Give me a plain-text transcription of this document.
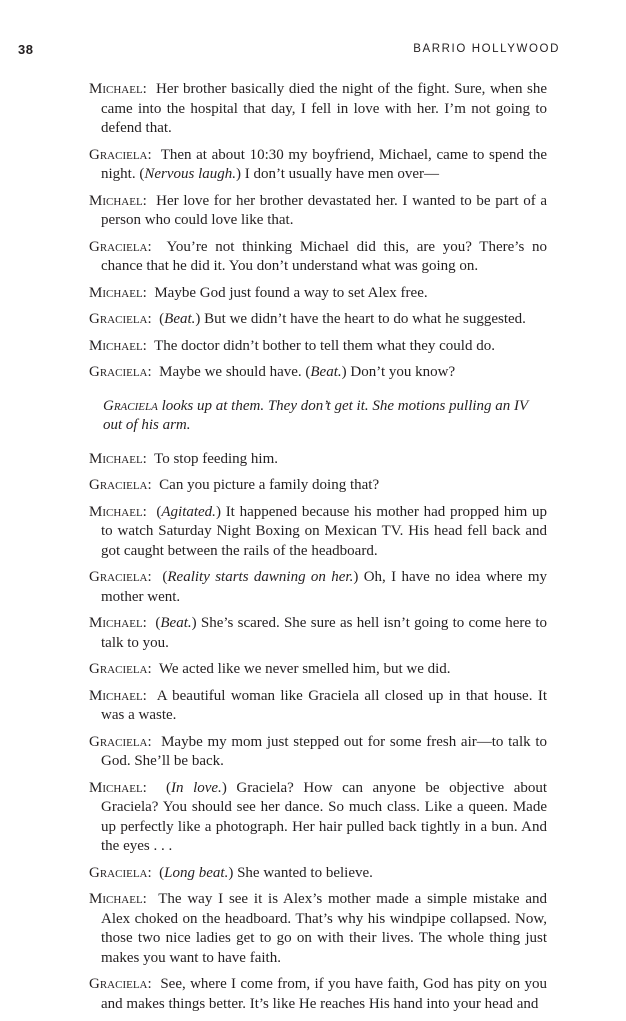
38	BARRIO HOLLYWOOD

Michael: Her brother basically died the night of the fight. Sure, when she came into the hospital that day, I fell in love with her. I’m not going to defend that.

Graciela: Then at about 10:30 my boyfriend, Michael, came to spend the night. (Nervous laugh.) I don’t usually have men over—

Michael: Her love for her brother devastated her. I wanted to be part of a person who could love like that.

Graciela: You’re not thinking Michael did this, are you? There’s no chance that he did it. You don’t understand what was going on.

Michael: Maybe God just found a way to set Alex free.

Graciela: (Beat.) But we didn’t have the heart to do what he suggested.

Michael: The doctor didn’t bother to tell them what they could do.

Graciela: Maybe we should have. (Beat.) Don’t you know?

Graciela looks up at them. They don’t get it. She motions pulling an IV out of his arm.

Michael: To stop feeding him.

Graciela: Can you picture a family doing that?

Michael: (Agitated.) It happened because his mother had propped him up to watch Saturday Night Boxing on Mexican TV. His head fell back and got caught between the rails of the headboard.

Graciela: (Reality starts dawning on her.) Oh, I have no idea where my mother went.

Michael: (Beat.) She’s scared. She sure as hell isn’t going to come here to talk to you.

Graciela: We acted like we never smelled him, but we did.

Michael: A beautiful woman like Graciela all closed up in that house. It was a waste.

Graciela: Maybe my mom just stepped out for some fresh air—to talk to God. She’ll be back.

Michael: (In love.) Graciela? How can anyone be objective about Graciela? You should see her dance. So much class. Like a queen. Made up perfectly like a photograph. Her hair pulled back tightly in a bun. And the eyes . . .

Graciela: (Long beat.) She wanted to believe.

Michael: The way I see it is Alex’s mother made a simple mistake and Alex choked on the headboard. That’s why his windpipe collapsed. Now, those two nice ladies get to go on with their lives. The whole thing just makes you want to have faith.

Graciela: See, where I come from, if you have faith, God has pity on you and makes things better. It’s like He reaches His hand into your head and
